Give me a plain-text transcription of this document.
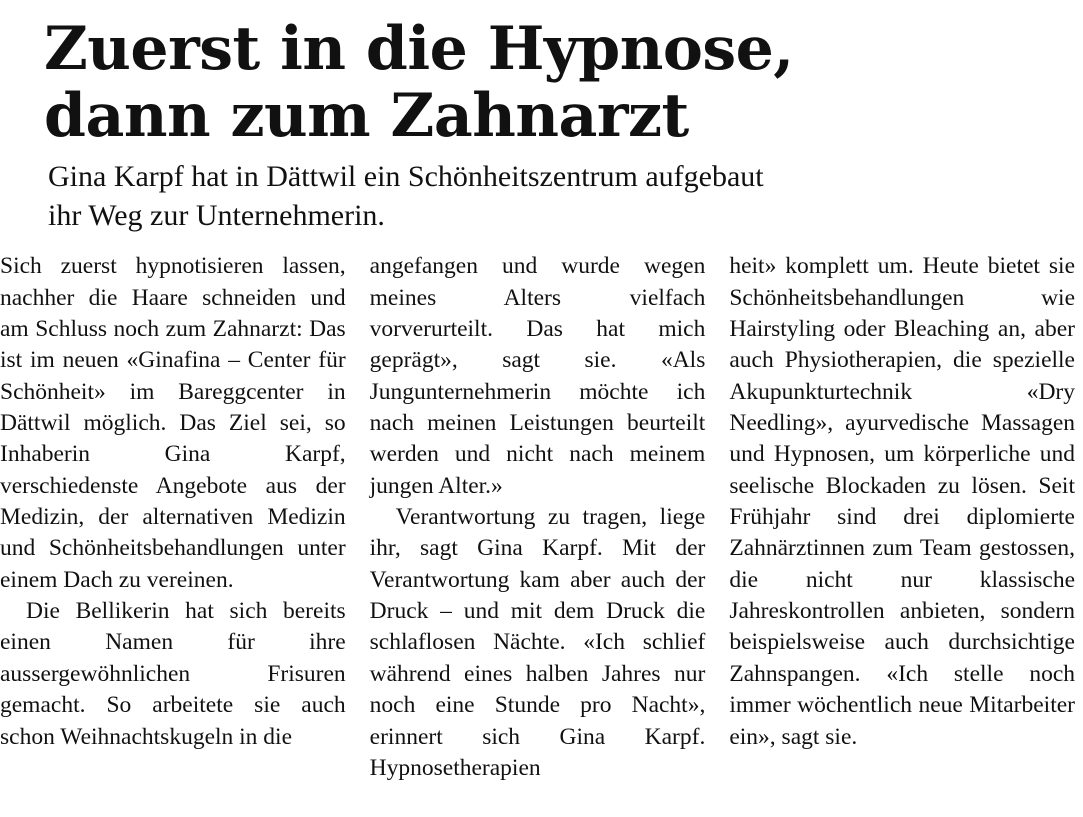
Zuerst in die Hypnose,
dann zum Zahnarzt
Gina Karpf hat in Dättwil ein Schönheitszentrum aufgebaut
ihr Weg zur Unternehmerin.

Sich zuerst hypnotisieren lassen, nachher die Haare schneiden und am Schluss noch zum Zahnarzt: Das ist im neuen «Ginafina – Center für Schönheit» im Bareggcenter in Dättwil möglich. Das Ziel sei, so Inhaberin Gina Karpf, verschiedenste Angebote aus der Medizin, der alternativen Medizin und Schönheitsbehandlungen unter einem Dach zu vereinen.

Die Bellikerin hat sich bereits einen Namen für ihre aussergewöhnlichen Frisuren gemacht. So arbeitete sie auch schon Weihnachtskugeln in die

angefangen und wurde wegen meines Alters vielfach vorverurteilt. Das hat mich geprägt», sagt sie. «Als Jungunternehmerin möchte ich nach meinen Leistungen beurteilt werden und nicht nach meinem jungen Alter.»

Verantwortung zu tragen, liege ihr, sagt Gina Karpf. Mit der Verantwortung kam aber auch der Druck – und mit dem Druck die schlaflosen Nächte. «Ich schlief während eines halben Jahres nur noch eine Stunde pro Nacht», erinnert sich Gina Karpf. Hypnosetherapien

heit» komplett um. Heute bietet sie Schönheitsbehandlungen wie Hairstyling oder Bleaching an, aber auch Physiotherapien, die spezielle Akupunkturtechnik «Dry Needling», ayurvedische Massagen und Hypnosen, um körperliche und seelische Blockaden zu lösen. Seit Frühjahr sind drei diplomierte Zahnärztinnen zum Team gestossen, die nicht nur klassische Jahreskontrollen anbieten, sondern beispielsweise auch durchsichtige Zahnspangen. «Ich stelle noch immer wöchentlich neue Mitarbeiter ein», sagt sie.
